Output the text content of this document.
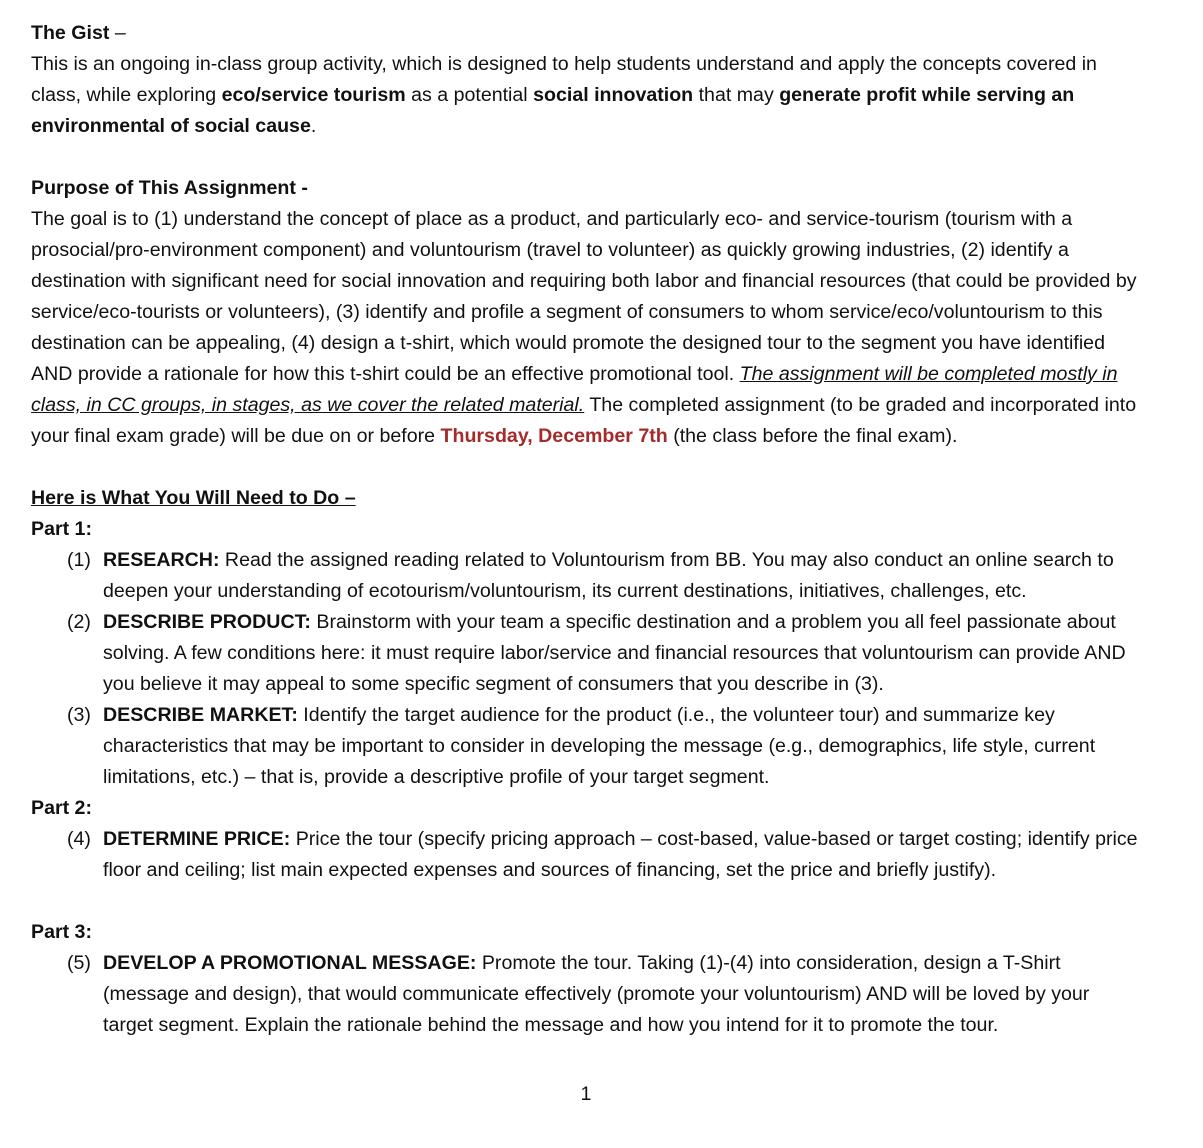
The Gist –
This is an ongoing in-class group activity, which is designed to help students understand and apply the concepts covered in class, while exploring eco/service tourism as a potential social innovation that may generate profit while serving an environmental of social cause.

Purpose of This Assignment -
The goal is to (1) understand the concept of place as a product, and particularly eco- and service-tourism (tourism with a prosocial/pro-environment component) and voluntourism (travel to volunteer) as quickly growing industries, (2) identify a destination with significant need for social innovation and requiring both labor and financial resources (that could be provided by service/eco-tourists or volunteers), (3) identify and profile a segment of consumers to whom service/eco/voluntourism to this destination can be appealing, (4) design a t-shirt, which would promote the designed tour to the segment you have identified AND provide a rationale for how this t-shirt could be an effective promotional tool. The assignment will be completed mostly in class, in CC groups, in stages, as we cover the related material. The completed assignment (to be graded and incorporated into your final exam grade) will be due on or before Thursday, December 7th (the class before the final exam).

Here is What You Will Need to Do –

Part 1:

(1) RESEARCH: Read the assigned reading related to Voluntourism from BB. You may also conduct an online search to deepen your understanding of ecotourism/voluntourism, its current destinations, initiatives, challenges, etc.
(2) DESCRIBE PRODUCT: Brainstorm with your team a specific destination and a problem you all feel passionate about solving. A few conditions here: it must require labor/service and financial resources that voluntourism can provide AND you believe it may appeal to some specific segment of consumers that you describe in (3).
(3) DESCRIBE MARKET: Identify the target audience for the product (i.e., the volunteer tour) and summarize key characteristics that may be important to consider in developing the message (e.g., demographics, life style, current limitations, etc.) – that is, provide a descriptive profile of your target segment.

Part 2:

(4) DETERMINE PRICE: Price the tour (specify pricing approach – cost-based, value-based or target costing; identify price floor and ceiling; list main expected expenses and sources of financing, set the price and briefly justify).

Part 3:

(5) DEVELOP A PROMOTIONAL MESSAGE: Promote the tour. Taking (1)-(4) into consideration, design a T-Shirt (message and design), that would communicate effectively (promote your voluntourism) AND will be loved by your target segment. Explain the rationale behind the message and how you intend for it to promote the tour.
1
